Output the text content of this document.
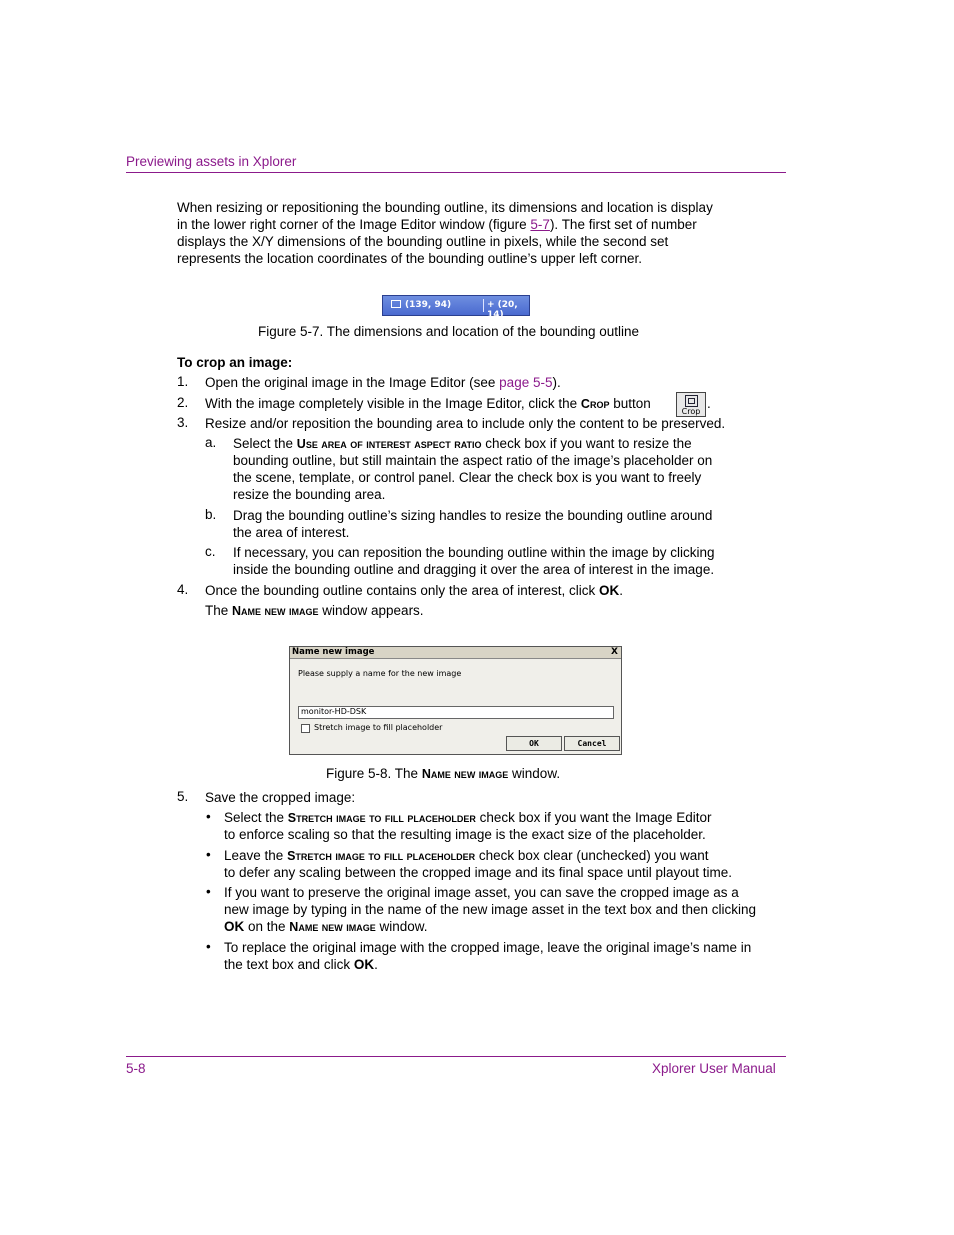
Previewing assets in Xplorer
When resizing or repositioning the bounding outline, its dimensions and location is display
in the lower right corner of the Image Editor window (figure 5-7). The first set of number
displays the X/Y dimensions of the bounding outline in pixels, while the second set
represents the location coordinates of the bounding outline’s upper left corner.
(139, 94)	+ (20, 14)
Figure 5-7. The dimensions and location of the bounding outline
To crop an image:
1. Open the original image in the Image Editor (see page 5-5).
2. With the image completely visible in the Image Editor, click the Crop button
Crop
.
3. Resize and/or reposition the bounding area to include only the content to be preserved.
a. Select the Use area of interest aspect ratio check box if you want to resize the
bounding outline, but still maintain the aspect ratio of the image’s placeholder on
the scene, template, or control panel. Clear the check box is you want to freely
resize the bounding area.
b. Drag the bounding outline’s sizing handles to resize the bounding outline around
the area of interest.
c. If necessary, you can reposition the bounding outline within the image by clicking
inside the bounding outline and dragging it over the area of interest in the image.
4. Once the bounding outline contains only the area of interest, click OK.
The Name new image window appears.
Name new image	X
Please supply a name for the new image
monitor-HD-DSK
Stretch image to fill placeholder
OK	Cancel
Figure 5-8. The Name new image window.
5. Save the cropped image:
• Select the Stretch image to fill placeholder check box if you want the Image Editor
to enforce scaling so that the resulting image is the exact size of the placeholder.
• Leave the Stretch image to fill placeholder check box clear (unchecked) you want
to defer any scaling between the cropped image and its final space until playout time.
• If you want to preserve the original image asset, you can save the cropped image as a
new image by typing in the name of the new image asset in the text box and then clicking
OK on the Name new image window.
• To replace the original image with the cropped image, leave the original image’s name in
the text box and click OK.
5-8	Xplorer User Manual
